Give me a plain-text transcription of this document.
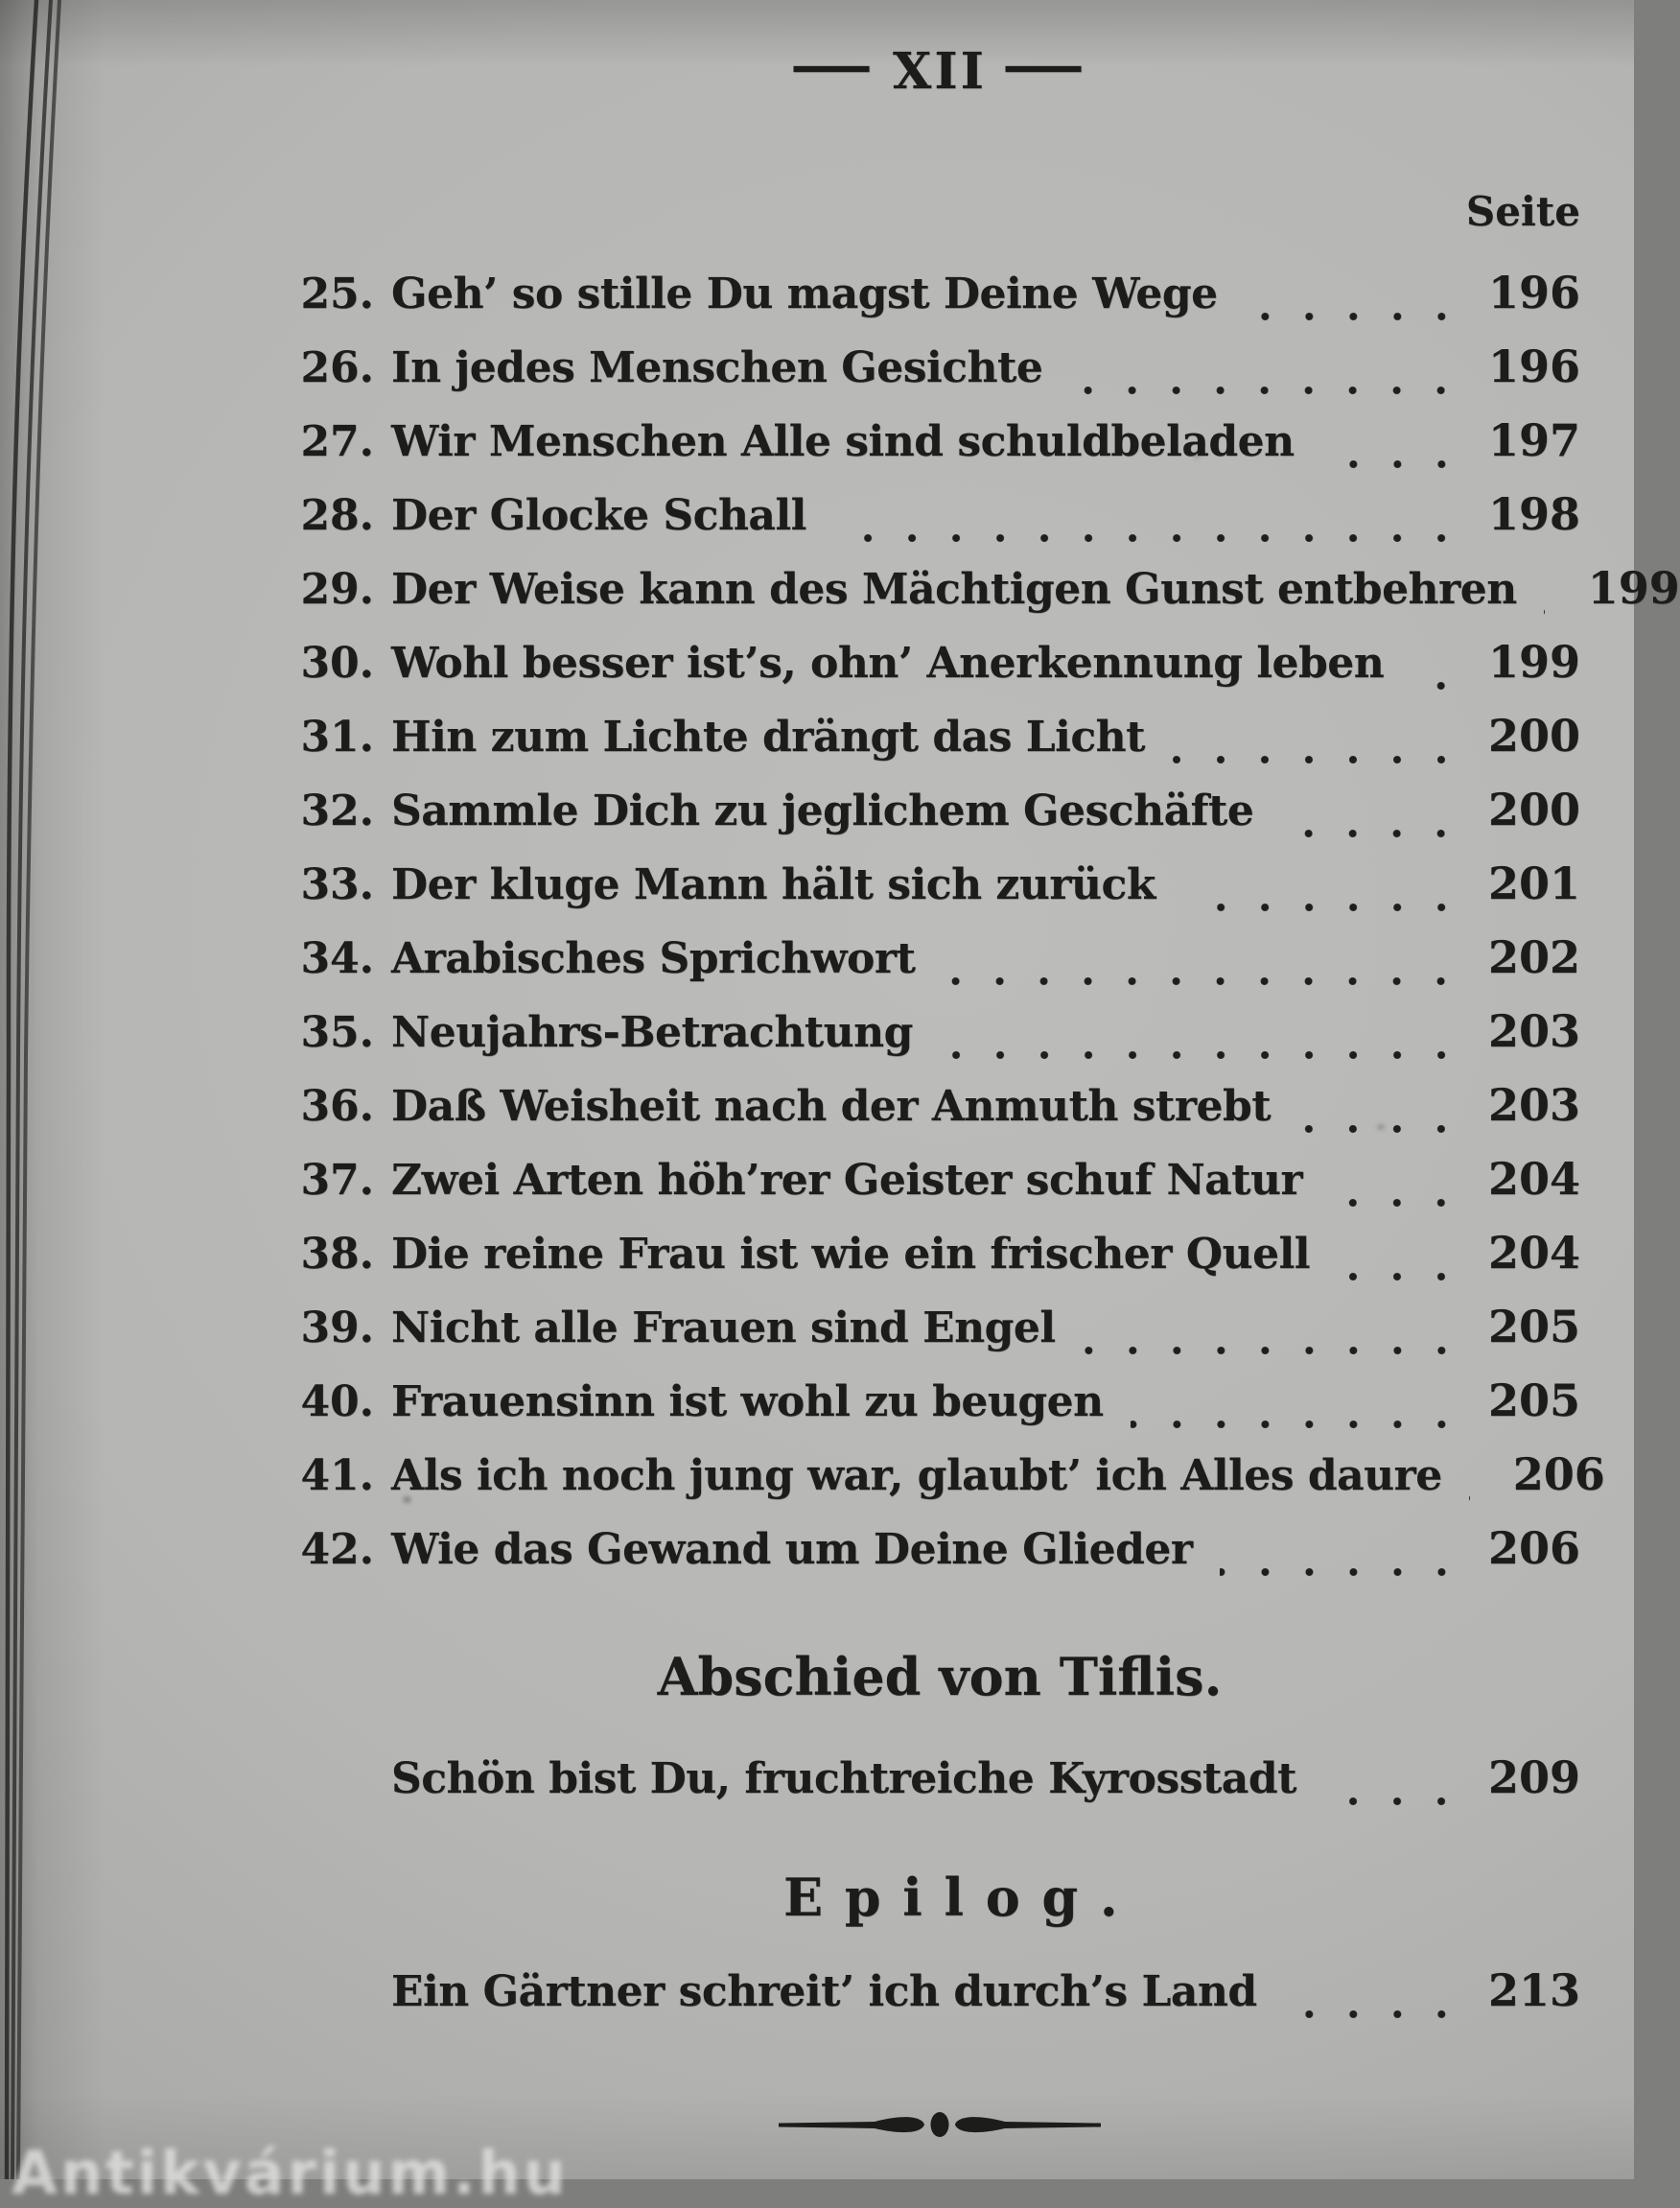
— XII —
Seite
25. Geh’ so stille Du magst Deine Wege	196
26. In jedes Menschen Gesichte	196
27. Wir Menschen Alle sind schuldbeladen	197
28. Der Glocke Schall	198
29. Der Weise kann des Mächtigen Gunst entbehren 199
30. Wohl besser ist’s, ohn’ Anerkennung leben 199
31. Hin zum Lichte drängt das Licht	200
32. Sammle Dich zu jeglichem Geschäfte	200
33. Der kluge Mann hält sich zurück	201
34. Arabisches Sprichwort	202
35. Neujahrs-Betrachtung	203
36. Daß Weisheit nach der Anmuth strebt	203
37. Zwei Arten höh’rer Geister schuf Natur	204
38. Die reine Frau ist wie ein frischer Quell	204
39. Nicht alle Frauen sind Engel	205
40. Frauensinn ist wohl zu beugen	205
41. Als ich noch jung war, glaubt’ ich Alles daure 206
42. Wie das Gewand um Deine Glieder	206
Abschied von Tiflis.
Schön bist Du, fruchtreiche Kyrosstadt	209
Epilog.
Ein Gärtner schreit’ ich durch’s Land	213
Antikvárium.hu
